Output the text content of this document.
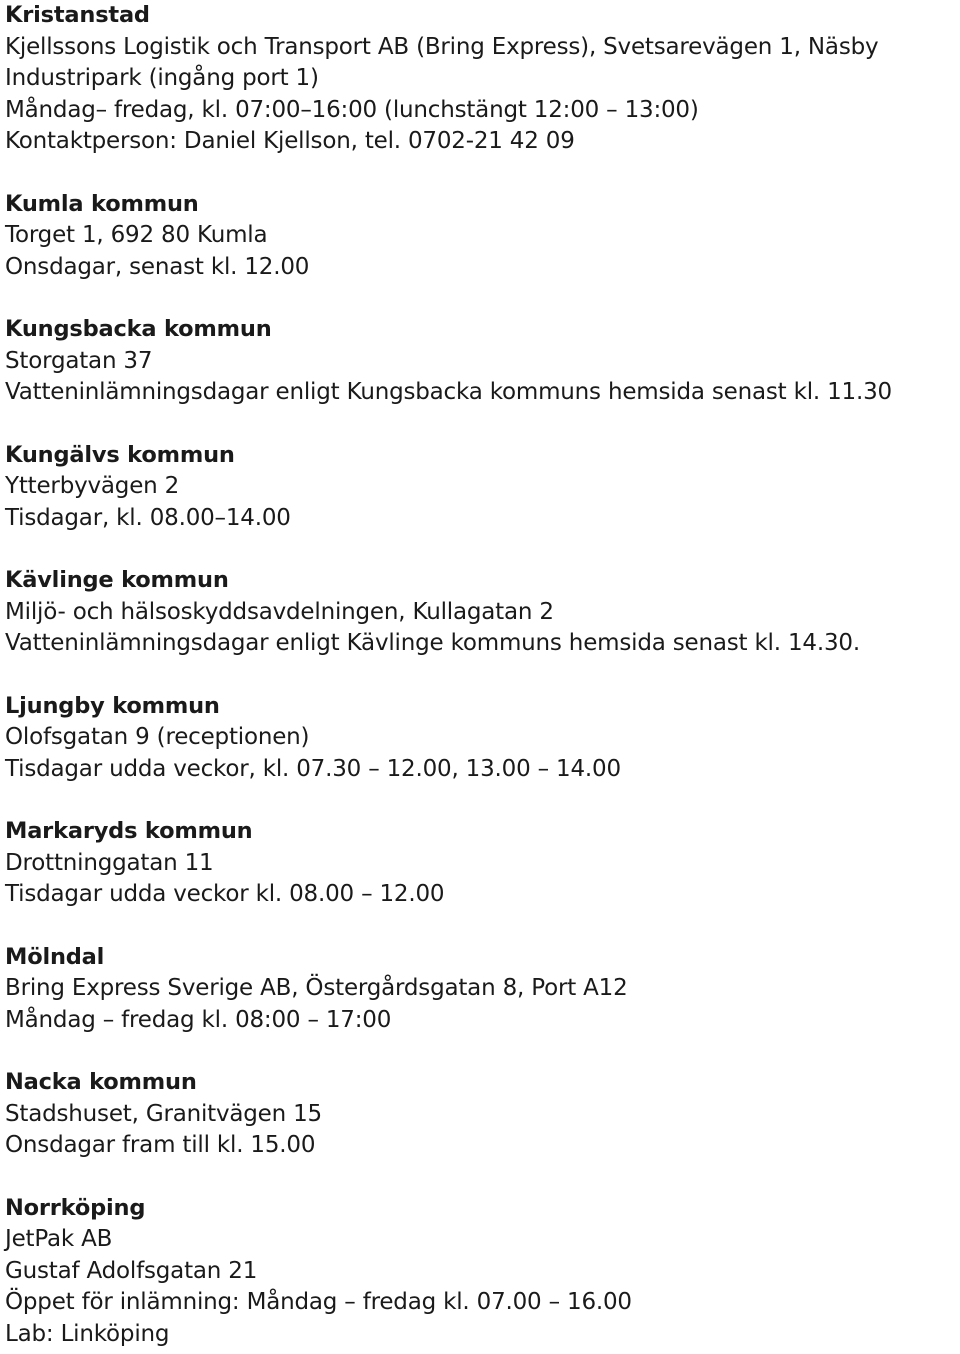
Kristanstad
Kjellssons Logistik och Transport AB (Bring Express), Svetsarevägen 1, Näsby Industripark (ingång port 1)
Måndag– fredag, kl. 07:00–16:00 (lunchstängt 12:00 – 13:00)
Kontaktperson: Daniel Kjellson, tel. 0702-21 42 09
Kumla kommun
Torget 1, 692 80 Kumla
Onsdagar, senast kl. 12.00
Kungsbacka kommun
Storgatan 37
Vatteninlämningsdagar enligt Kungsbacka kommuns hemsida senast kl. 11.30
Kungälvs kommun
Ytterbyvägen 2
Tisdagar, kl. 08.00–14.00
Kävlinge kommun
Miljö- och hälsoskyddsavdelningen, Kullagatan 2
Vatteninlämningsdagar enligt Kävlinge kommuns hemsida senast kl. 14.30.
Ljungby kommun
Olofsgatan 9 (receptionen)
Tisdagar udda veckor, kl. 07.30 – 12.00, 13.00 – 14.00
Markaryds kommun
Drottninggatan 11
Tisdagar udda veckor kl. 08.00 – 12.00
Mölndal
Bring Express Sverige AB, Östergårdsgatan 8, Port A12
Måndag – fredag kl. 08:00 – 17:00
Nacka kommun
Stadshuset, Granitvägen 15
Onsdagar fram till kl. 15.00
Norrköping
JetPak AB
Gustaf Adolfsgatan 21
Öppet för inlämning: Måndag – fredag kl. 07.00 – 16.00
Lab: Linköping
